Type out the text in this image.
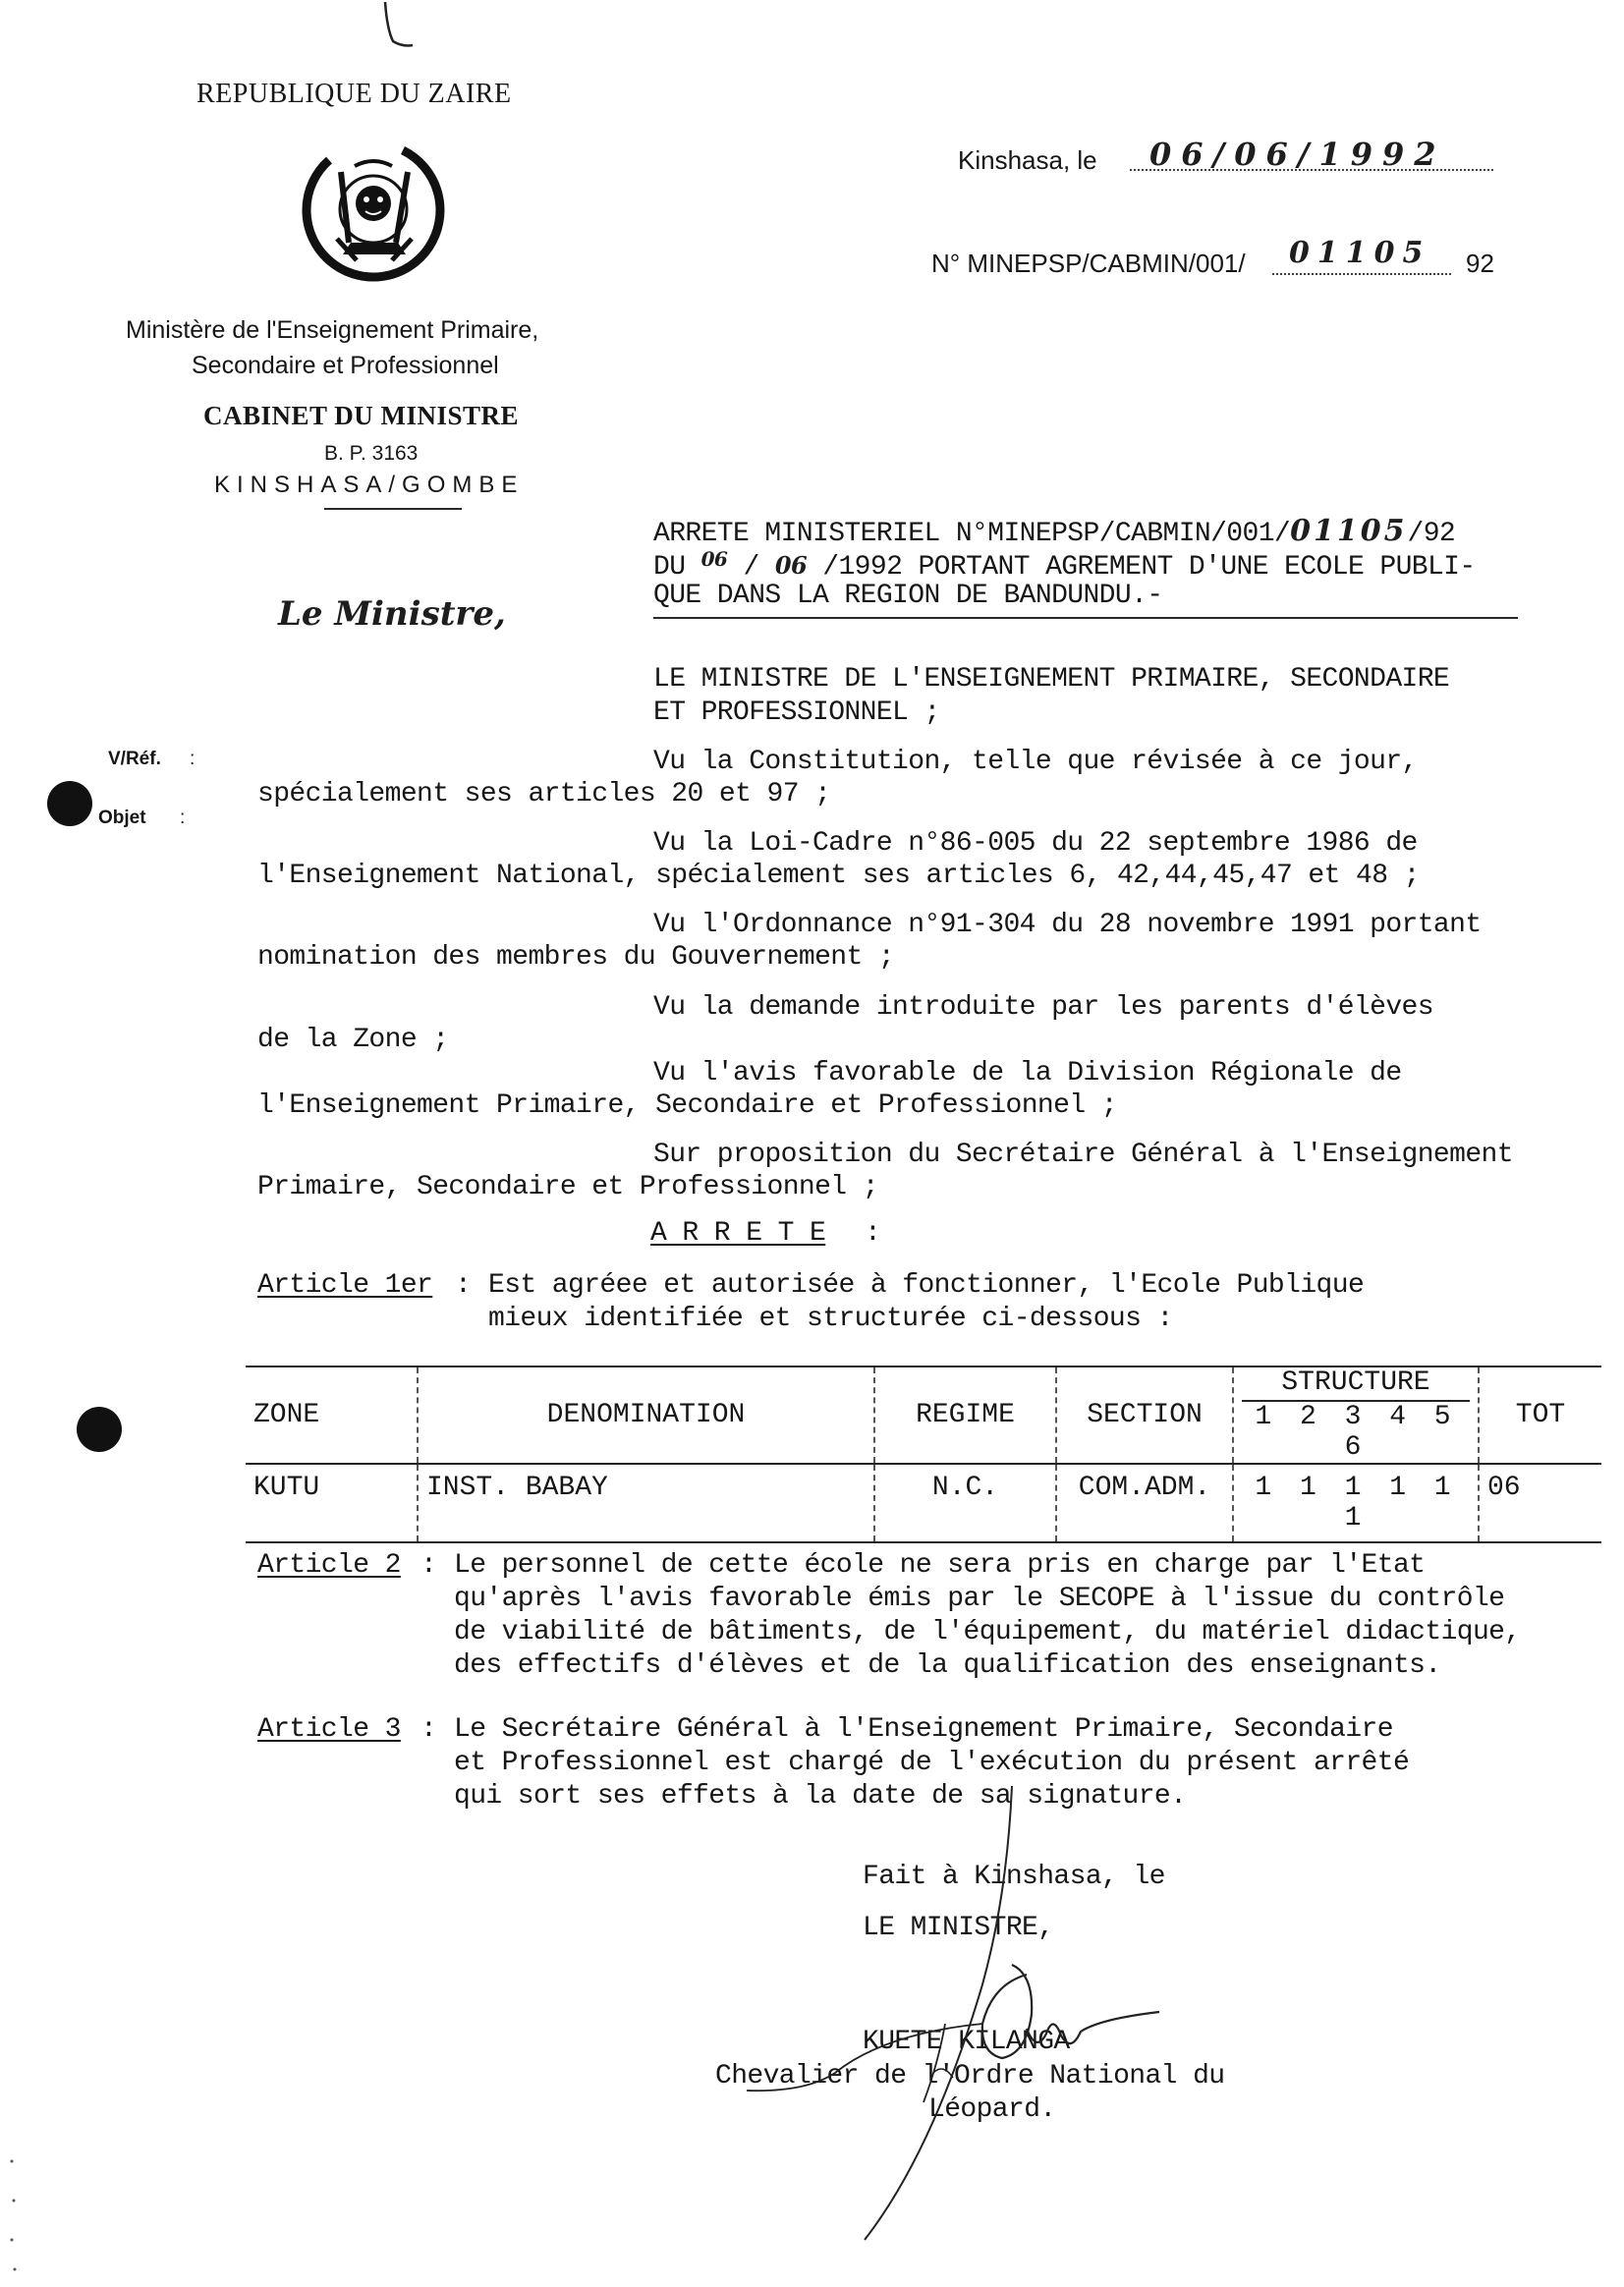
REPUBLIQUE DU ZAIRE
Ministère de l'Enseignement Primaire,
Secondaire et Professionnel
CABINET DU MINISTRE
B. P. 3163
KINSHASA/GOMBE
Kinshasa, le 06/06/1992
N° MINEPSP/CABMIN/001/ 01105 92
Le Ministre,
V/Réf. :
Objet :
ARRETE MINISTERIEL N°MINEPSP/CABMIN/001/01105/92
DU $^{06}$ / 06 /1992 PORTANT AGREMENT D'UNE ECOLE PUBLI-
QUE DANS LA REGION DE BANDUNDU.-
LE MINISTRE DE L'ENSEIGNEMENT PRIMAIRE, SECONDAIRE
ET PROFESSIONNEL ;
Vu la Constitution, telle que révisée à ce jour,
spécialement ses articles 20 et 97 ;
Vu la Loi-Cadre n°86-005 du 22 septembre 1986 de
l'Enseignement National, spécialement ses articles 6, 42,44,45,47 et 48 ;
Vu l'Ordonnance n°91-304 du 28 novembre 1991 portant
nomination des membres du Gouvernement ;
Vu la demande introduite par les parents d'élèves
de la Zone ;
Vu l'avis favorable de la Division Régionale de
l'Enseignement Primaire, Secondaire et Professionnel ;
Sur proposition du Secrétaire Général à l'Enseignement
Primaire, Secondaire et Professionnel ;
A R R E T E :
Article 1er : Est agréee et autorisée à fonctionner, l'Ecole Publique
mieux identifiée et structurée ci-dessous :
ZONE	DENOMINATION	REGIME	SECTION	STRUCTURE
1 2 3 4 5 6	TOT
KUTU	INST. BABAY	N.C.	COM.ADM.	1 1 1 1 1 1	06
Article 2 : Le personnel de cette école ne sera pris en charge par l'Etat
qu'après l'avis favorable émis par le SECOPE à l'issue du contrôle
de viabilité de bâtiments, de l'équipement, du matériel didactique,
des effectifs d'élèves et de la qualification des enseignants.
Article 3 : Le Secrétaire Général à l'Enseignement Primaire, Secondaire
et Professionnel est chargé de l'exécution du présent arrêté
qui sort ses effets à la date de sa signature.
Fait à Kinshasa, le
LE MINISTRE,
KUETE KILANGA
Chevalier de l'Ordre National du
Léopard.
